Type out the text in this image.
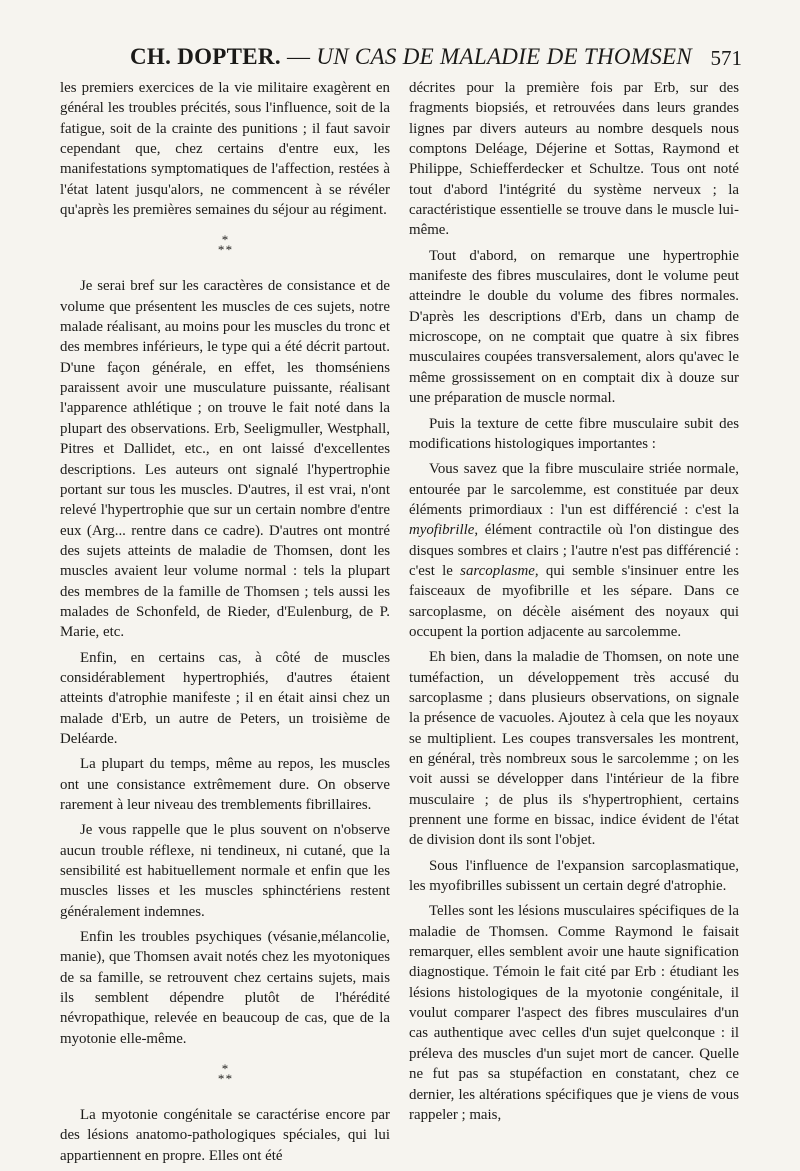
CH. DOPTER. — UN CAS DE MALADIE DE THOMSEN 571

les premiers exercices de la vie militaire exagèrent en général les troubles précités, sous l'influence, soit de la fatigue, soit de la crainte des punitions ; il faut savoir cependant que, chez certains d'entre eux, les manifestations symptomatiques de l'affection, restées à l'état latent jusqu'alors, ne commencent à se révéler qu'après les premières semaines du séjour au régiment.

*
* *

Je serai bref sur les caractères de consistance et de volume que présentent les muscles de ces sujets, notre malade réalisant, au moins pour les muscles du tronc et des membres inférieurs, le type qui a été décrit partout. D'une façon générale, en effet, les thomséniens paraissent avoir une musculature puissante, réalisant l'apparence athlétique ; on trouve le fait noté dans la plupart des observations. Erb, Seeligmuller, Westphall, Pitres et Dallidet, etc., en ont laissé d'excellentes descriptions. Les auteurs ont signalé l'hypertrophie portant sur tous les muscles. D'autres, il est vrai, n'ont relevé l'hypertrophie que sur un certain nombre d'entre eux (Arg... rentre dans ce cadre). D'autres ont montré des sujets atteints de maladie de Thomsen, dont les muscles avaient leur volume normal : tels la plupart des membres de la famille de Thomsen ; tels aussi les malades de Schonfeld, de Rieder, d'Eulenburg, de P. Marie, etc.

Enfin, en certains cas, à côté de muscles considérablement hypertrophiés, d'autres étaient atteints d'atrophie manifeste ; il en était ainsi chez un malade d'Erb, un autre de Peters, un troisième de Deléarde.

La plupart du temps, même au repos, les muscles ont une consistance extrêmement dure. On observe rarement à leur niveau des tremblements fibrillaires.

Je vous rappelle que le plus souvent on n'observe aucun trouble réflexe, ni tendineux, ni cutané, que la sensibilité est habituellement normale et enfin que les muscles lisses et les muscles sphinctériens restent généralement indemnes.

Enfin les troubles psychiques (vésanie,mélancolie, manie), que Thomsen avait notés chez les myotoniques de sa famille, se retrouvent chez certains sujets, mais ils semblent dépendre plutôt de l'hérédité névropathique, relevée en beaucoup de cas, que de la myotonie elle-même.

*
* *

La myotonie congénitale se caractérise encore par des lésions anatomo-pathologiques spéciales, qui lui appartiennent en propre. Elles ont été

décrites pour la première fois par Erb, sur des fragments biopsiés, et retrouvées dans leurs grandes lignes par divers auteurs au nombre desquels nous comptons Deléage, Déjerine et Sottas, Raymond et Philippe, Schiefferdecker et Schultze. Tous ont noté tout d'abord l'intégrité du système nerveux ; la caractéristique essentielle se trouve dans le muscle lui-même.

Tout d'abord, on remarque une hypertrophie manifeste des fibres musculaires, dont le volume peut atteindre le double du volume des fibres normales. D'après les descriptions d'Erb, dans un champ de microscope, on ne comptait que quatre à six fibres musculaires coupées transversalement, alors qu'avec le même grossissement on en comptait dix à douze sur une préparation de muscle normal.

Puis la texture de cette fibre musculaire subit des modifications histologiques importantes :

Vous savez que la fibre musculaire striée normale, entourée par le sarcolemme, est constituée par deux éléments primordiaux : l'un est différencié : c'est la myofibrille, élément contractile où l'on distingue des disques sombres et clairs ; l'autre n'est pas différencié : c'est le sarcoplasme, qui semble s'insinuer entre les faisceaux de myofibrille et les sépare. Dans ce sarcoplasme, on décèle aisément des noyaux qui occupent la portion adjacente au sarcolemme.

Eh bien, dans la maladie de Thomsen, on note une tuméfaction, un développement très accusé du sarcoplasme ; dans plusieurs observations, on signale la présence de vacuoles. Ajoutez à cela que les noyaux se multiplient. Les coupes transversales les montrent, en général, très nombreux sous le sarcolemme ; on les voit aussi se développer dans l'intérieur de la fibre musculaire ; de plus ils s'hypertrophient, certains prennent une forme en bissac, indice évident de l'état de division dont ils sont l'objet.

Sous l'influence de l'expansion sarcoplasmatique, les myofibrilles subissent un certain degré d'atrophie.

Telles sont les lésions musculaires spécifiques de la maladie de Thomsen. Comme Raymond le faisait remarquer, elles semblent avoir une haute signification diagnostique. Témoin le fait cité par Erb : étudiant les lésions histologiques de la myotonie congénitale, il voulut comparer l'aspect des fibres musculaires d'un cas authentique avec celles d'un sujet quelconque : il préleva des muscles d'un sujet mort de cancer. Quelle ne fut pas sa stupéfaction en constatant, chez ce dernier, les altérations spécifiques que je viens de vous rappeler ; mais,
